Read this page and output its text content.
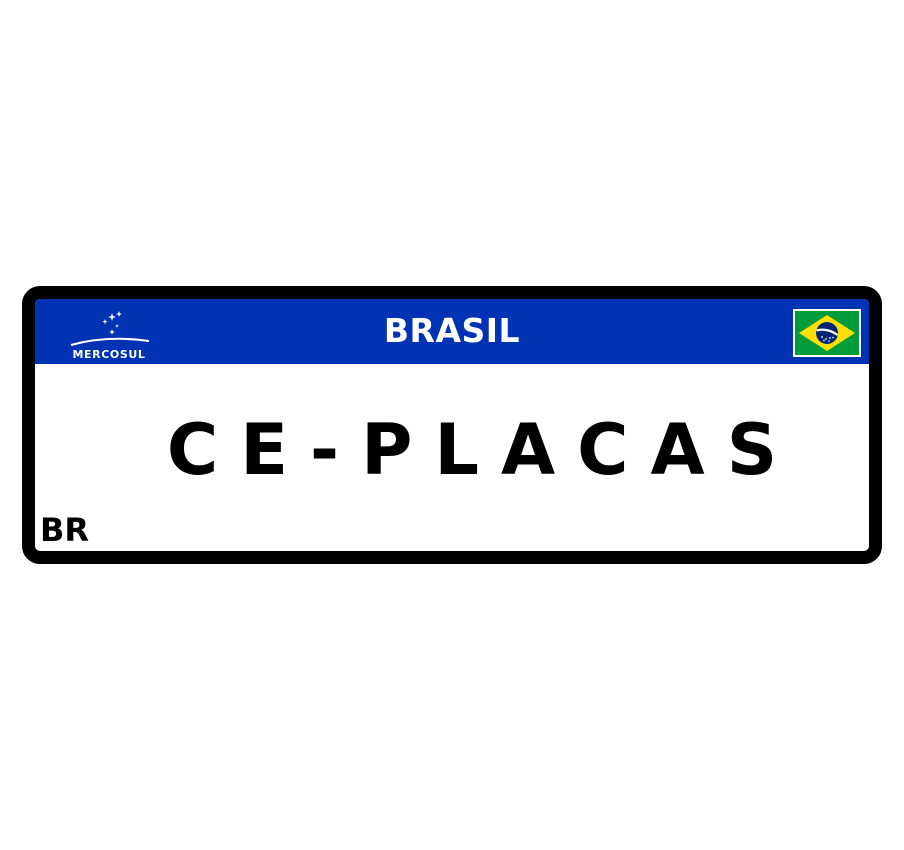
MERCOSUL
BRASIL
CE-PLACAS
BR
